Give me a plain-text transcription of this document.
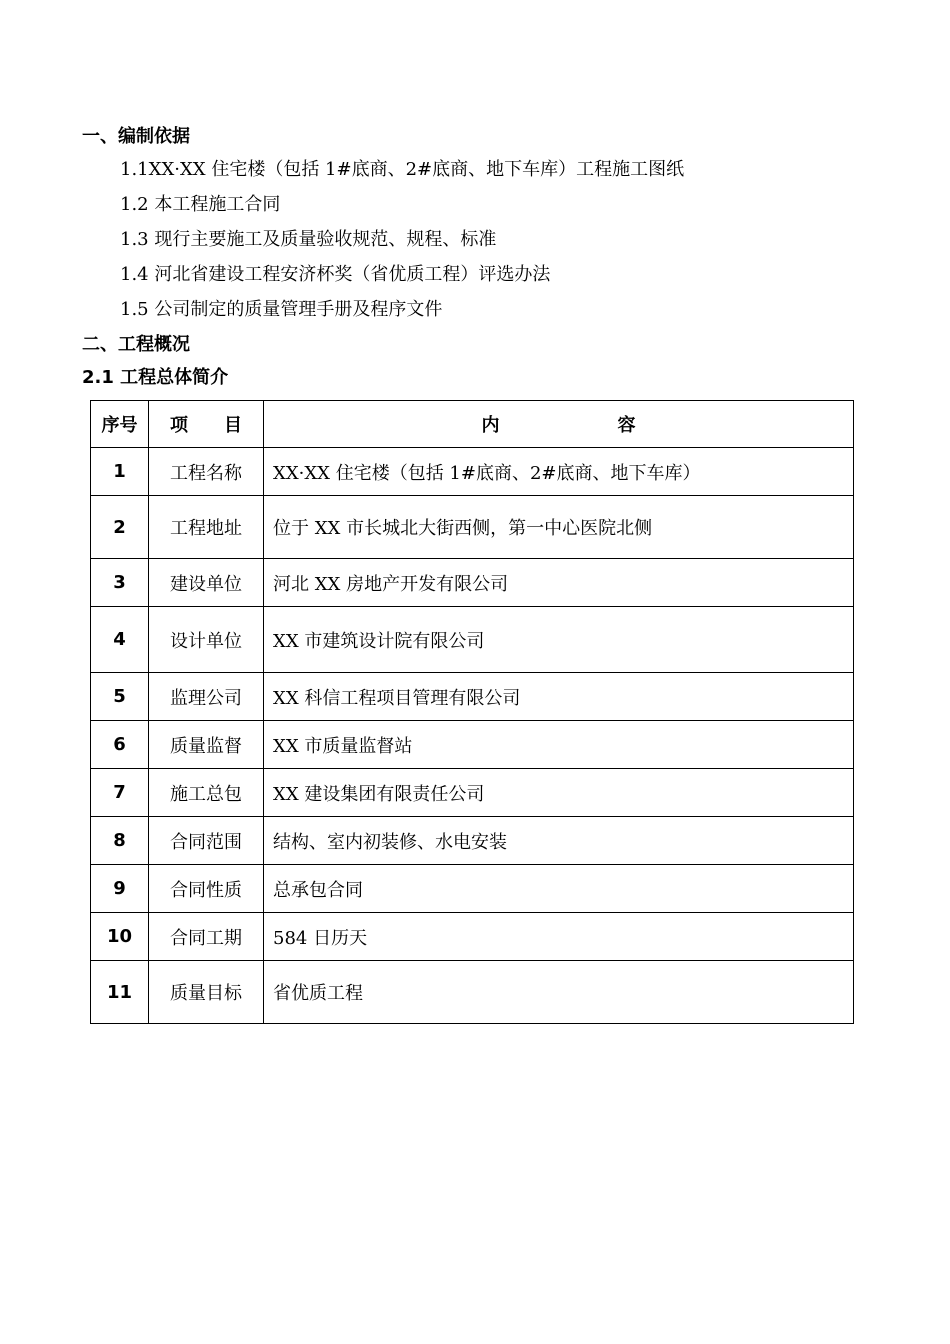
一、编制依据
1.1XX·XX 住宅楼（包括 1#底商、2#底商、地下车库）工程施工图纸
1.2 本工程施工合同
1.3 现行主要施工及质量验收规范、规程、标准
1.4 河北省建设工程安济杯奖（省优质工程）评选办法
1.5 公司制定的质量管理手册及程序文件
二、工程概况
2.1 工程总体简介
序号	项　　目	内 容
1	工程名称	XX·XX 住宅楼（包括 1#底商、2#底商、地下车库）
2	工程地址	位于 XX 市长城北大街西侧，第一中心医院北侧
3	建设单位	河北 XX 房地产开发有限公司
4	设计单位	XX 市建筑设计院有限公司
5	监理公司	XX 科信工程项目管理有限公司
6	质量监督	XX 市质量监督站
7	施工总包	XX 建设集团有限责任公司
8	合同范围	结构、室内初装修、水电安装
9	合同性质	总承包合同
10	合同工期	584 日历天
11	质量目标	省优质工程
